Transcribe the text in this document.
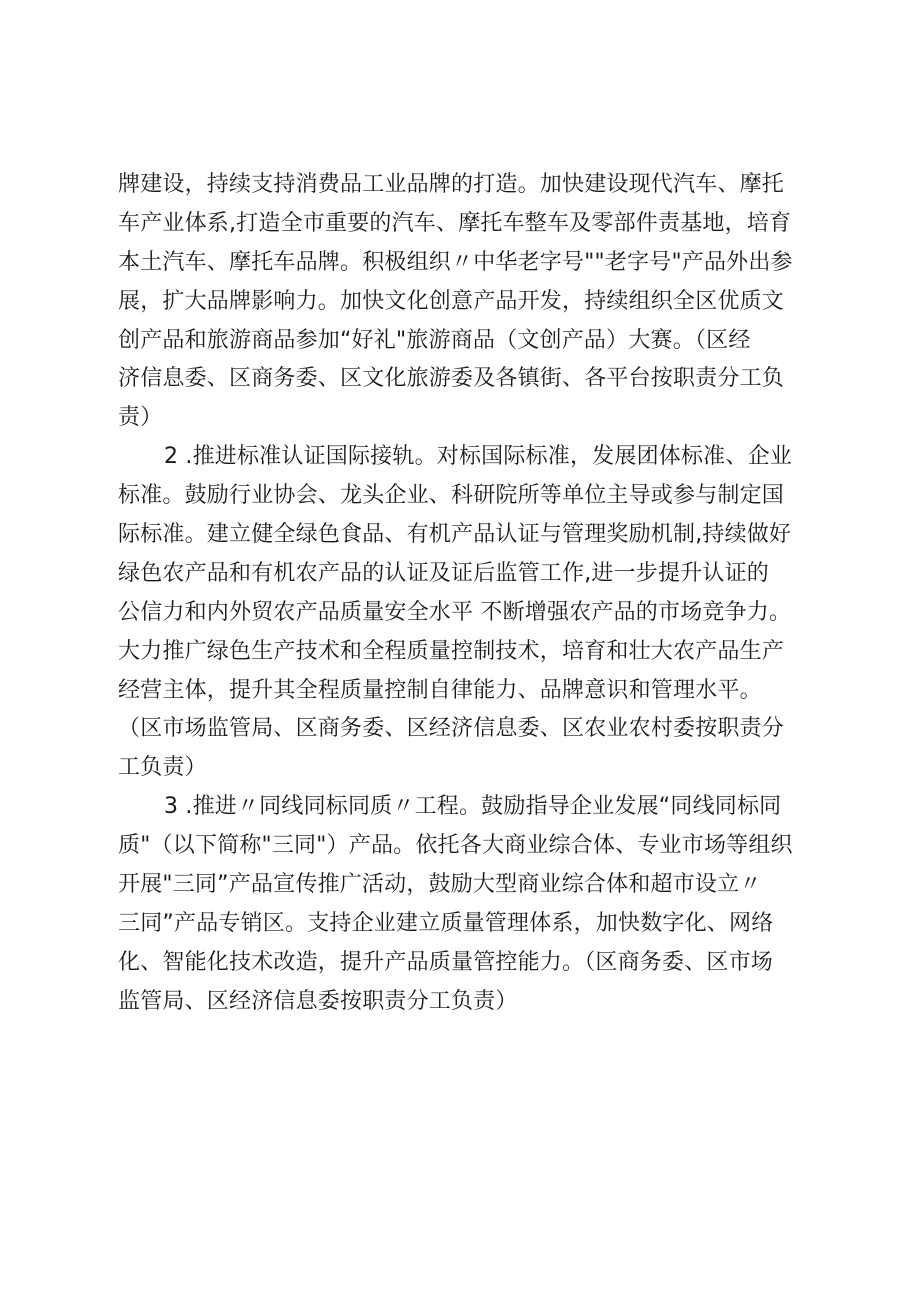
牌建设，持续支持消费品工业品牌的打造。加快建设现代汽车、摩托
车产业体系,打造全市重要的汽车、摩托车整车及零部件责基地，培育
本土汽车、摩托车品牌。积极组织〃中华老字号""老字号"产品外出参
展，扩大品牌影响力。加快文化创意产品开发，持续组织全区优质文
创产品和旅游商品参加“好礼"旅游商品（文创产品）大赛。（区经
济信息委、区商务委、区文化旅游委及各镇街、各平台按职责分工负
责）
2 .推进标准认证国际接轨。对标国际标准，发展团体标准、企业
标准。鼓励行业协会、龙头企业、科研院所等单位主导或参与制定国
际标准。建立健全绿色食品、有机产品认证与管理奖励机制,持续做好
绿色农产品和有机农产品的认证及证后监管工作,进一步提升认证的
公信力和内外贸农产品质量安全水平 不断增强农产品的市场竞争力。
大力推广绿色生产技术和全程质量控制技术，培育和壮大农产品生产
经营主体，提升其全程质量控制自律能力、品牌意识和管理水平。
（区市场监管局、区商务委、区经济信息委、区农业农村委按职责分
工负责）
3 .推进〃同线同标同质〃工程。鼓励指导企业发展“同线同标同
质"（以下简称"三同"）产品。依托各大商业综合体、专业市场等组织
开展"三同”产品宣传推广活动，鼓励大型商业综合体和超市设立〃
三同”产品专销区。支持企业建立质量管理体系，加快数字化、网络
化、智能化技术改造，提升产品质量管控能力。（区商务委、区市场
监管局、区经济信息委按职责分工负责）
